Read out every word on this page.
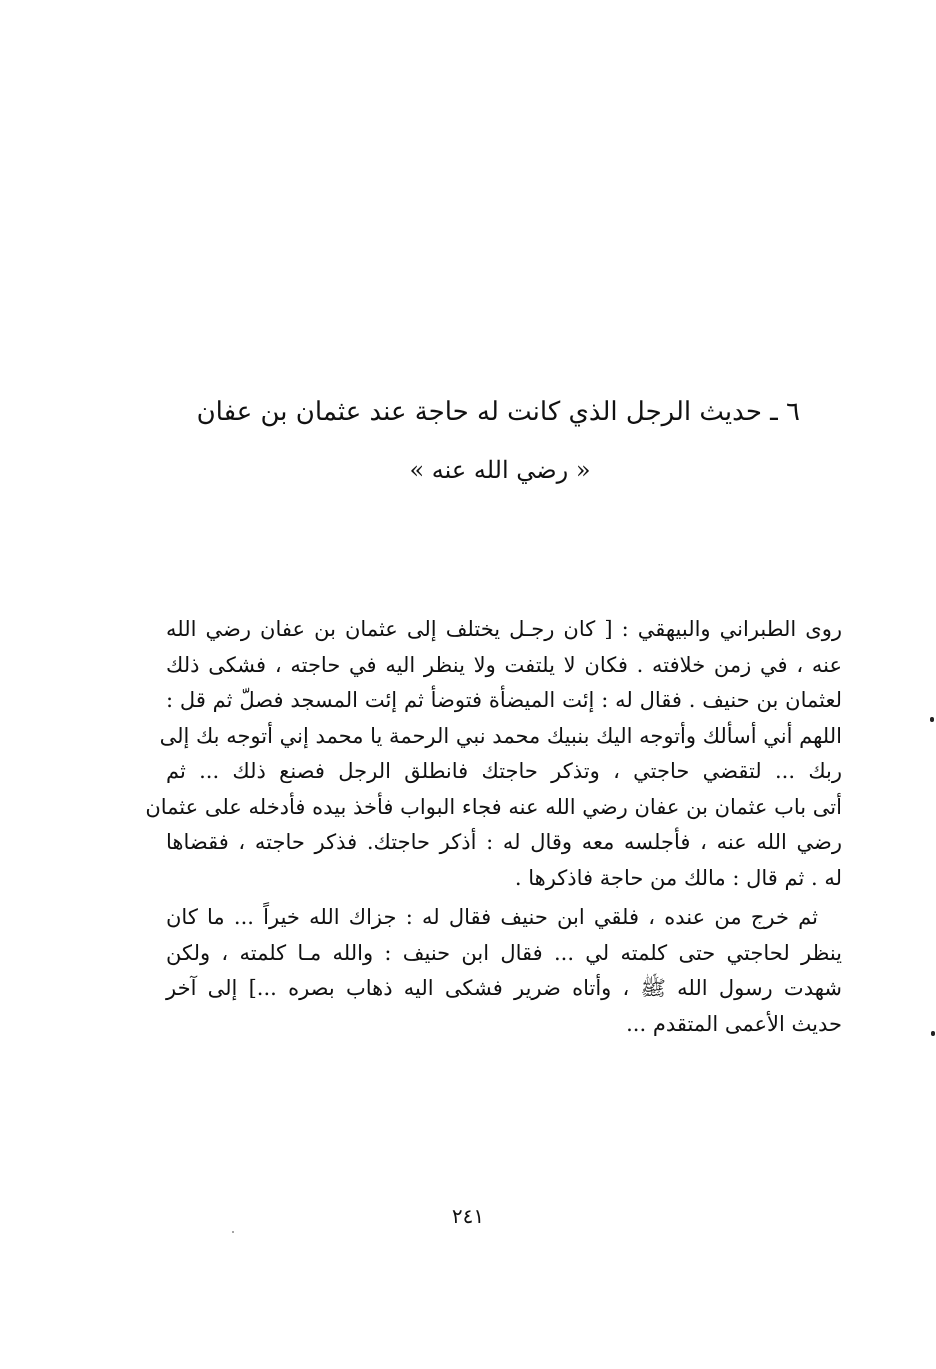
٦ ـ حديث الرجل الذي كانت له حاجة عند عثمان بن عفان
« رضي الله عنه »
روى الطبراني والبيهقي : [ كان رجـل يختلف إلى عثمان بن عفان رضي الله
عنه ، في زمن خلافته . فكان لا يلتفت ولا ينظر اليه في حاجته ، فشكى ذلك
لعثمان بن حنيف . فقال له : إئت الميضأة فتوضأ ثم إئت المسجد فصلّ ثم قل :
اللهم أني أسألك وأتوجه اليك بنبيك محمد نبي الرحمة يا محمد إني أتوجه بك إلى
ربك ... لتقضي حاجتي ، وتذكر حاجتك فانطلق الرجل فصنع ذلك ... ثم
أتى باب عثمان بن عفان رضي الله عنه فجاء البواب فأخذ بيده فأدخله على عثمان
رضي الله عنه ، فأجلسه معه وقال له : أذكر حاجتك. فذكر حاجته ، فقضاها
له . ثم قال : مالك من حاجة فاذكرها .
ثم خرج من عنده ، فلقي ابن حنيف فقال له : جزاك الله خيراً ... ما كان
ينظر لحاجتي حتى كلمته لي ... فقال ابن حنيف : والله مـا كلمته ، ولكن
شهدت رسول الله ﷺ ، وأتاه ضرير فشكى اليه ذهاب بصره ...] إلى آخر
حديث الأعمى المتقدم ...
٢٤١
